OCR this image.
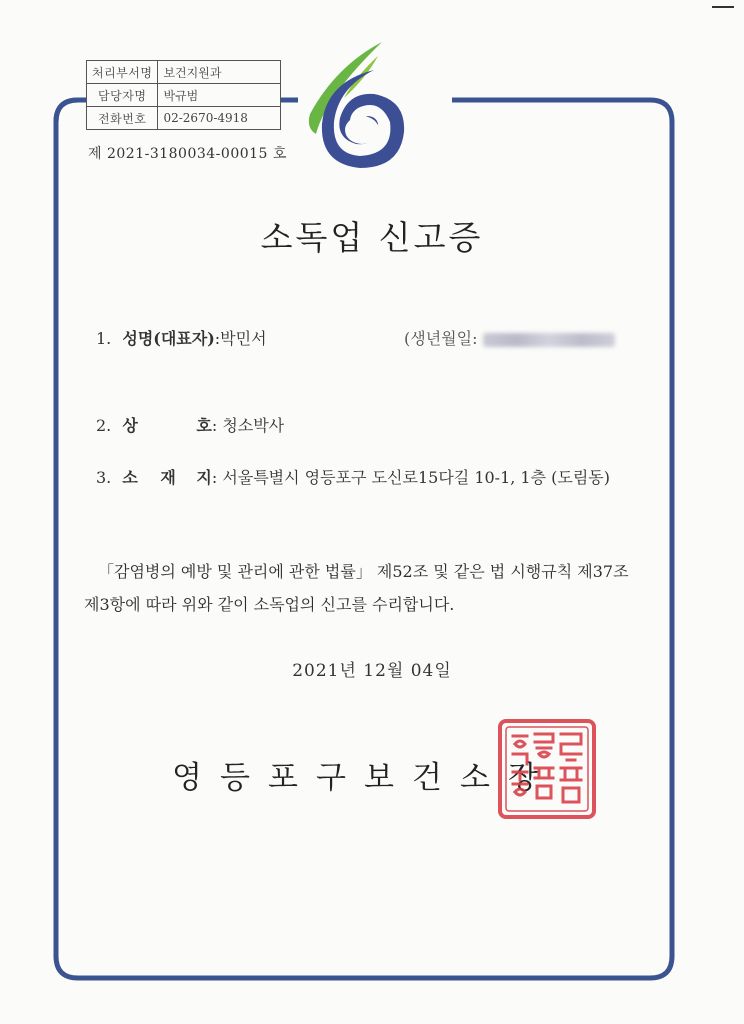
처리부서명	보건지원과
담당자명	박규범
전화번호	02-2670-4918
제 2021-3180034-00015 호
소독업 신고증
1. 성명(대표자):박민서	(생년월일:
2. 상	호: 청소박사
3. 소 재 지: 서울특별시 영등포구 도신로15다길 10-1, 1층 (도림동)
「감염병의 예방 및 관리에 관한 법률」 제52조 및 같은 법 시행규칙 제37조
제3항에 따라 위와 같이 소독업의 신고를 수리합니다.
2021년 12월 04일
영 등 포 구 보 건 소 장
